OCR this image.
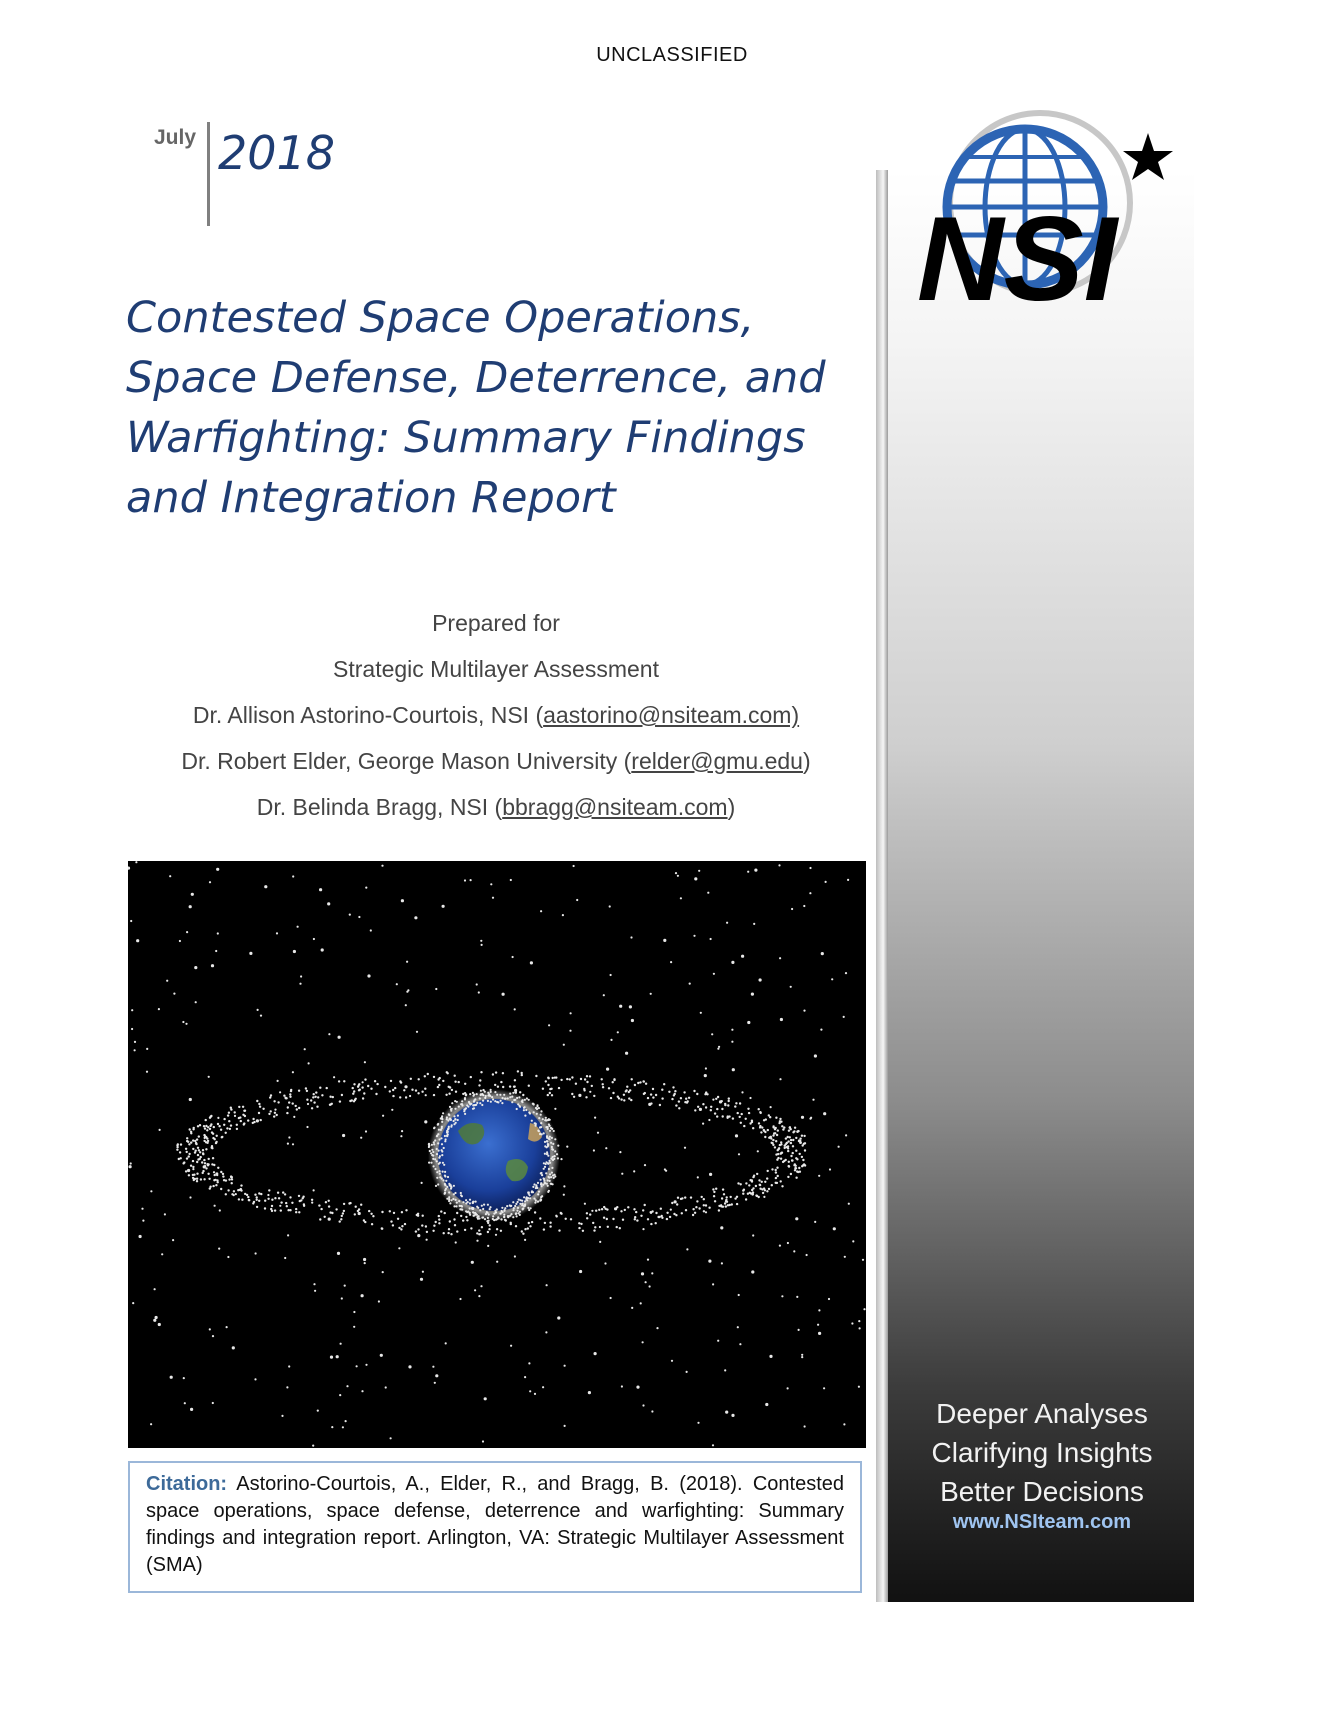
UNCLASSIFIED
July 2018
Contested Space Operations, Space Defense, Deterrence, and Warfighting: Summary Findings and Integration Report
Prepared for
Strategic Multilayer Assessment
Dr. Allison Astorino-Courtois, NSI (aastorino@nsiteam.com)
Dr. Robert Elder, George Mason University (relder@gmu.edu)
Dr. Belinda Bragg, NSI (bbragg@nsiteam.com)
Citation: Astorino-Courtois, A., Elder, R., and Bragg, B. (2018). Contested space operations, space defense, deterrence and warfighting: Summary findings and integration report. Arlington, VA: Strategic Multilayer Assessment (SMA)
NSI
Deeper Analyses
Clarifying Insights
Better Decisions
www.NSIteam.com
